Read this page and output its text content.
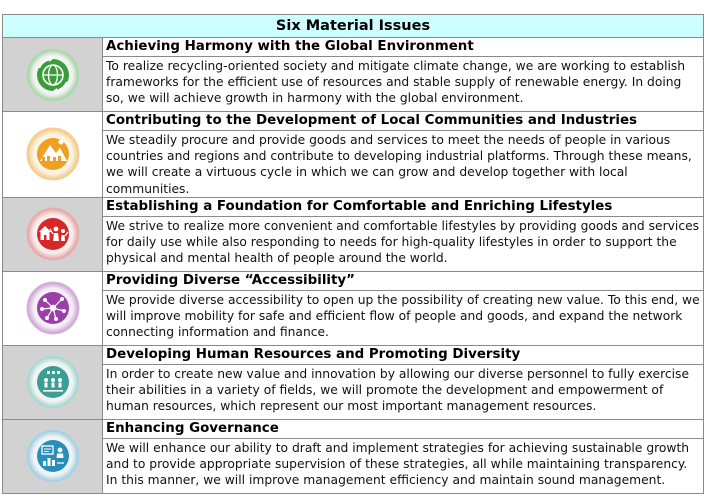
Six Material Issues	

Achieving Harmony with the Global Environment
To realize recycling-oriented society and mitigate climate change, we are working to establish frameworks for the efficient use of resources and stable supply of renewable energy. In doing so, we will achieve growth in harmony with the global environment.

Contributing to the Development of Local Communities and Industries
We steadily procure and provide goods and services to meet the needs of people in various countries and regions and contribute to developing industrial platforms. Through these means, we will create a virtuous cycle in which we can grow and develop together with local communities.

Establishing a Foundation for Comfortable and Enriching Lifestyles
We strive to realize more convenient and comfortable lifestyles by providing goods and services for daily use while also responding to needs for high-quality lifestyles in order to support the physical and mental health of people around the world.

Providing Diverse “Accessibility”
We provide diverse accessibility to open up the possibility of creating new value. To this end, we will improve mobility for safe and efficient flow of people and goods, and expand the network connecting information and finance.

Developing Human Resources and Promoting Diversity
In order to create new value and innovation by allowing our diverse personnel to fully exercise their abilities in a variety of fields, we will promote the development and empowerment of human resources, which represent our most important management resources.

Enhancing Governance
We will enhance our ability to draft and implement strategies for achieving sustainable growth and to provide appropriate supervision of these strategies, all while maintaining transparency. In this manner, we will improve management efficiency and maintain sound management.
